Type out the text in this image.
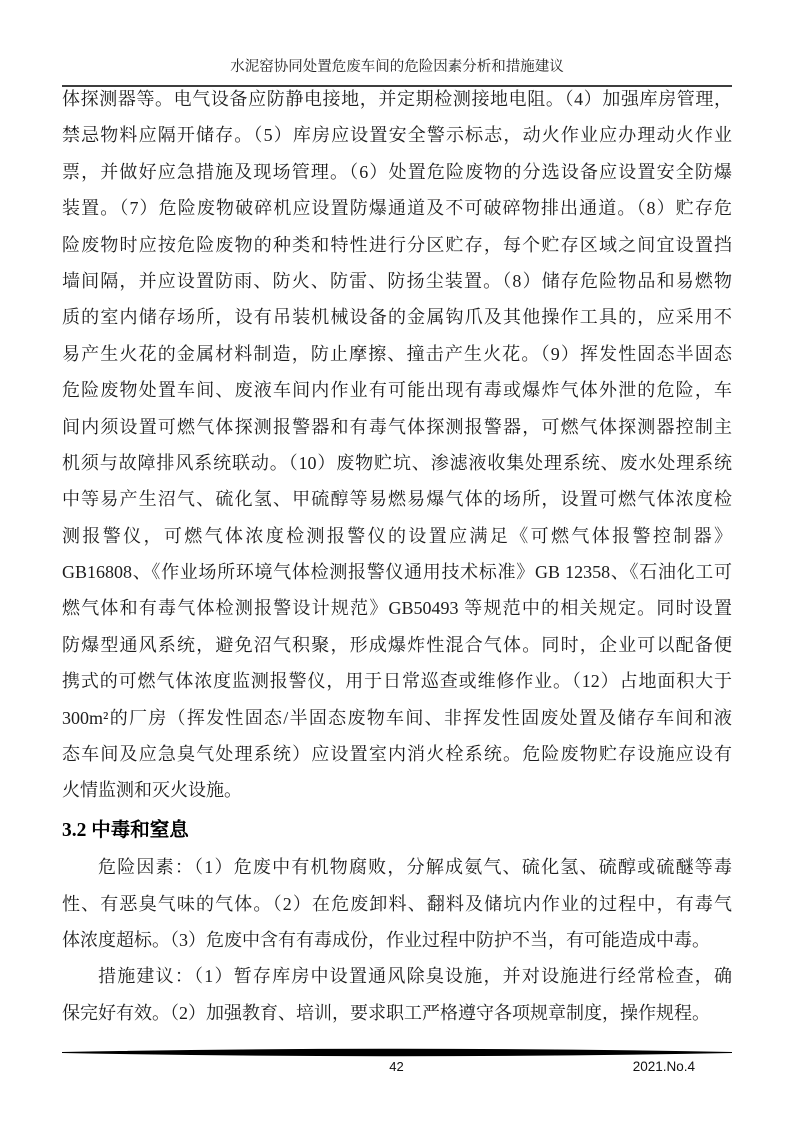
水泥窑协同处置危废车间的危险因素分析和措施建议
体探测器等。电气设备应防静电接地，并定期检测接地电阻。（4）加强库房管理，
禁忌物料应隔开储存。（5）库房应设置安全警示标志，动火作业应办理动火作业
票，并做好应急措施及现场管理。（6）处置危险废物的分选设备应设置安全防爆
装置。（7）危险废物破碎机应设置防爆通道及不可破碎物排出通道。（8）贮存危
险废物时应按危险废物的种类和特性进行分区贮存，每个贮存区域之间宜设置挡
墙间隔，并应设置防雨、防火、防雷、防扬尘装置。（8）储存危险物品和易燃物
质的室内储存场所，设有吊装机械设备的金属钩爪及其他操作工具的，应采用不
易产生火花的金属材料制造，防止摩擦、撞击产生火花。（9）挥发性固态半固态
危险废物处置车间、废液车间内作业有可能出现有毒或爆炸气体外泄的危险，车
间内须设置可燃气体探测报警器和有毒气体探测报警器，可燃气体探测器控制主
机须与故障排风系统联动。（10）废物贮坑、渗滤液收集处理系统、废水处理系统
中等易产生沼气、硫化氢、甲硫醇等易燃易爆气体的场所，设置可燃气体浓度检
测报警仪，可燃气体浓度检测报警仪的设置应满足《可燃气体报警控制器》
GB16808、《作业场所环境气体检测报警仪通用技术标准》GB 12358、《石油化工可
燃气体和有毒气体检测报警设计规范》GB50493 等规范中的相关规定。同时设置
防爆型通风系统，避免沼气积聚，形成爆炸性混合气体。同时，企业可以配备便
携式的可燃气体浓度监测报警仪，用于日常巡查或维修作业。（12）占地面积大于
300m²的厂房（挥发性固态/半固态废物车间、非挥发性固废处置及储存车间和液
态车间及应急臭气处理系统）应设置室内消火栓系统。危险废物贮存设施应设有
火情监测和灭火设施。
3.2 中毒和窒息
危险因素：（1）危废中有机物腐败，分解成氨气、硫化氢、硫醇或硫醚等毒
性、有恶臭气味的气体。（2）在危废卸料、翻料及储坑内作业的过程中，有毒气
体浓度超标。（3）危废中含有有毒成份，作业过程中防护不当，有可能造成中毒。
措施建议：（1）暂存库房中设置通风除臭设施，并对设施进行经常检查，确
保完好有效。（2）加强教育、培训，要求职工严格遵守各项规章制度，操作规程。
42	2021.No.4
